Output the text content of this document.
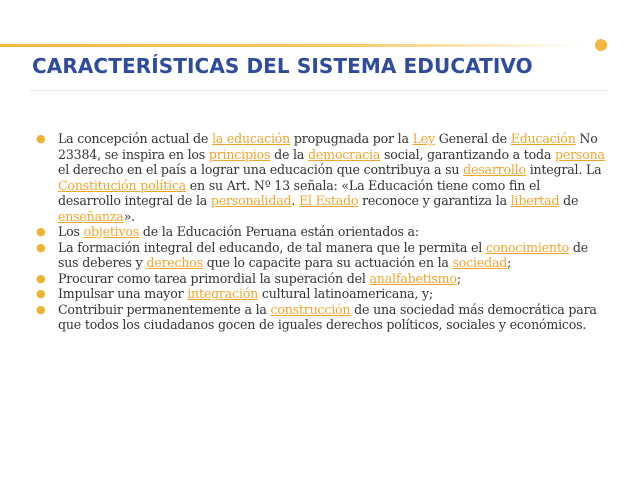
CARACTERÍSTICAS DEL SISTEMA EDUCATIVO
● La concepción actual de la educación propugnada por la Ley General de Educación No 23384, se inspira en los principios de la democracia social, garantizando a toda persona el derecho en el país a lograr una educación que contribuya a su desarrollo integral. La Constitución política en su Art. Nº 13 señala: «La Educación tiene como fin el desarrollo integral de la personalidad. El Estado reconoce y garantiza la libertad de enseñanza».
● Los objetivos de la Educación Peruana están orientados a:
● La formación integral del educando, de tal manera que le permita el conocimiento de sus deberes y derechos que lo capacite para su actuación en la sociedad;
● Procurar como tarea primordial la superación del analfabetismo;
● Impulsar una mayor integración cultural latinoamericana, y;
● Contribuir permanentemente a la construcción de una sociedad más democrática para que todos los ciudadanos gocen de iguales derechos políticos, sociales y económicos.
